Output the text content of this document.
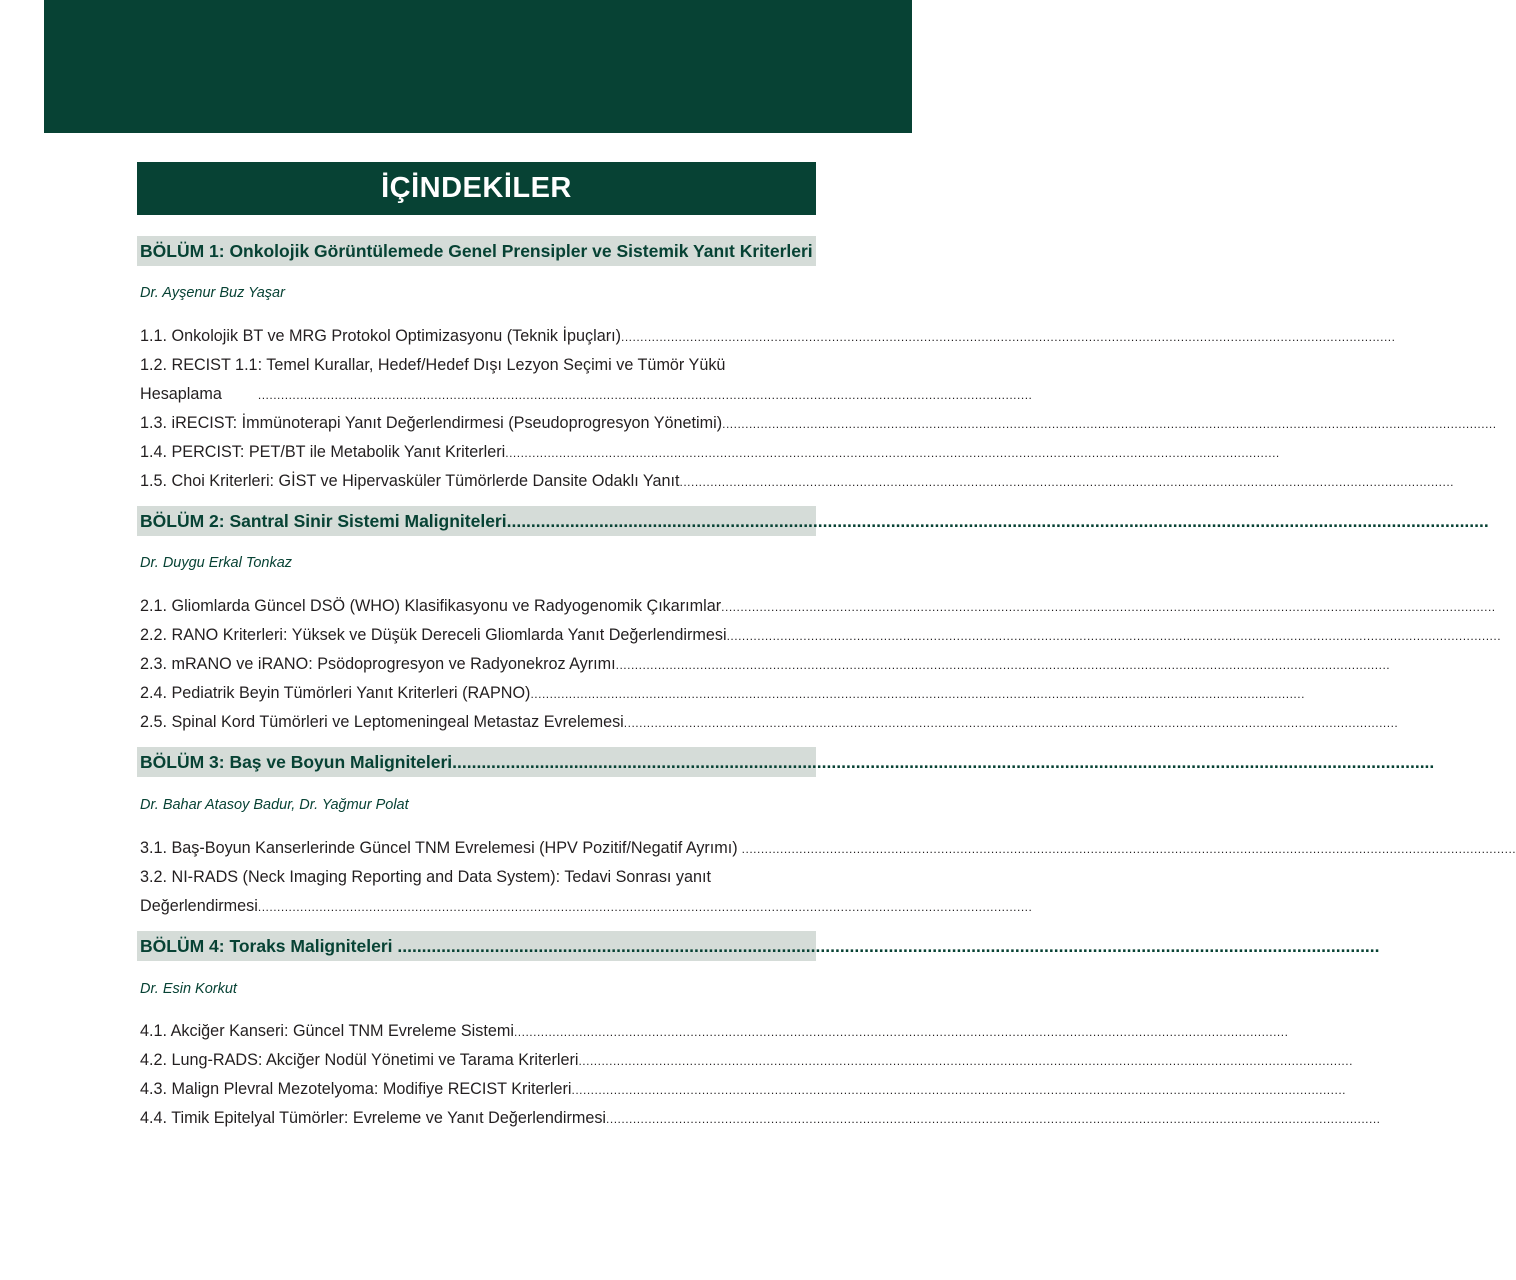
İÇİNDEKİLER
BÖLÜM 1: Onkolojik Görüntülemede Genel Prensipler ve Sistemik Yanıt Kriterleri
Dr. Ayşenur Buz Yaşar
1.1. Onkolojik BT ve MRG Protokol Optimizasyonu (Teknik İpuçları) ..........................................................................................................................................................................................................
1.2. RECIST 1.1: Temel Kurallar, Hedef/Hedef Dışı Lezyon Seçimi ve Tümör Yükü
Hesaplama	..........................................................................................................................................................................................................
1.3. iRECIST: İmmünoterapi Yanıt Değerlendirmesi (Pseudoprogresyon Yönetimi) ..........................................................................................................................................................................................................
1.4. PERCIST: PET/BT ile Metabolik Yanıt Kriterleri ..........................................................................................................................................................................................................
1.5. Choi Kriterleri: GİST ve Hipervasküler Tümörlerde Dansite Odaklı Yanıt ..........................................................................................................................................................................................................
BÖLÜM 2: Santral Sinir Sistemi Maligniteleri..........................................................................................................................................................................................................
Dr. Duygu Erkal Tonkaz
2.1. Gliomlarda Güncel DSÖ (WHO) Klasifikasyonu ve Radyogenomik Çıkarımlar ..........................................................................................................................................................................................................
2.2. RANO Kriterleri: Yüksek ve Düşük Dereceli Gliomlarda Yanıt Değerlendirmesi ..........................................................................................................................................................................................................
2.3. mRANO ve iRANO: Psödoprogresyon ve Radyonekroz Ayrımı ..........................................................................................................................................................................................................
2.4. Pediatrik Beyin Tümörleri Yanıt Kriterleri (RAPNO) ..........................................................................................................................................................................................................
2.5. Spinal Kord Tümörleri ve Leptomeningeal Metastaz Evrelemesi ..........................................................................................................................................................................................................
BÖLÜM 3: Baş ve Boyun Maligniteleri..........................................................................................................................................................................................................
Dr. Bahar Atasoy Badur, Dr. Yağmur Polat
3.1. Baş-Boyun Kanserlerinde Güncel TNM Evrelemesi (HPV Pozitif/Negatif Ayrımı) ..........................................................................................................................................................................................................
3.2. NI-RADS (Neck Imaging Reporting and Data System): Tedavi Sonrası yanıt
Değerlendirmesi ..........................................................................................................................................................................................................
BÖLÜM 4: Toraks Maligniteleri ..........................................................................................................................................................................................................
Dr. Esin Korkut
4.1. Akciğer Kanseri: Güncel TNM Evreleme Sistemi ..........................................................................................................................................................................................................
4.2. Lung-RADS: Akciğer Nodül Yönetimi ve Tarama Kriterleri ..........................................................................................................................................................................................................
4.3. Malign Plevral Mezotelyoma: Modifiye RECIST Kriterleri ..........................................................................................................................................................................................................
4.4. Timik Epitelyal Tümörler: Evreleme ve Yanıt Değerlendirmesi ..........................................................................................................................................................................................................
